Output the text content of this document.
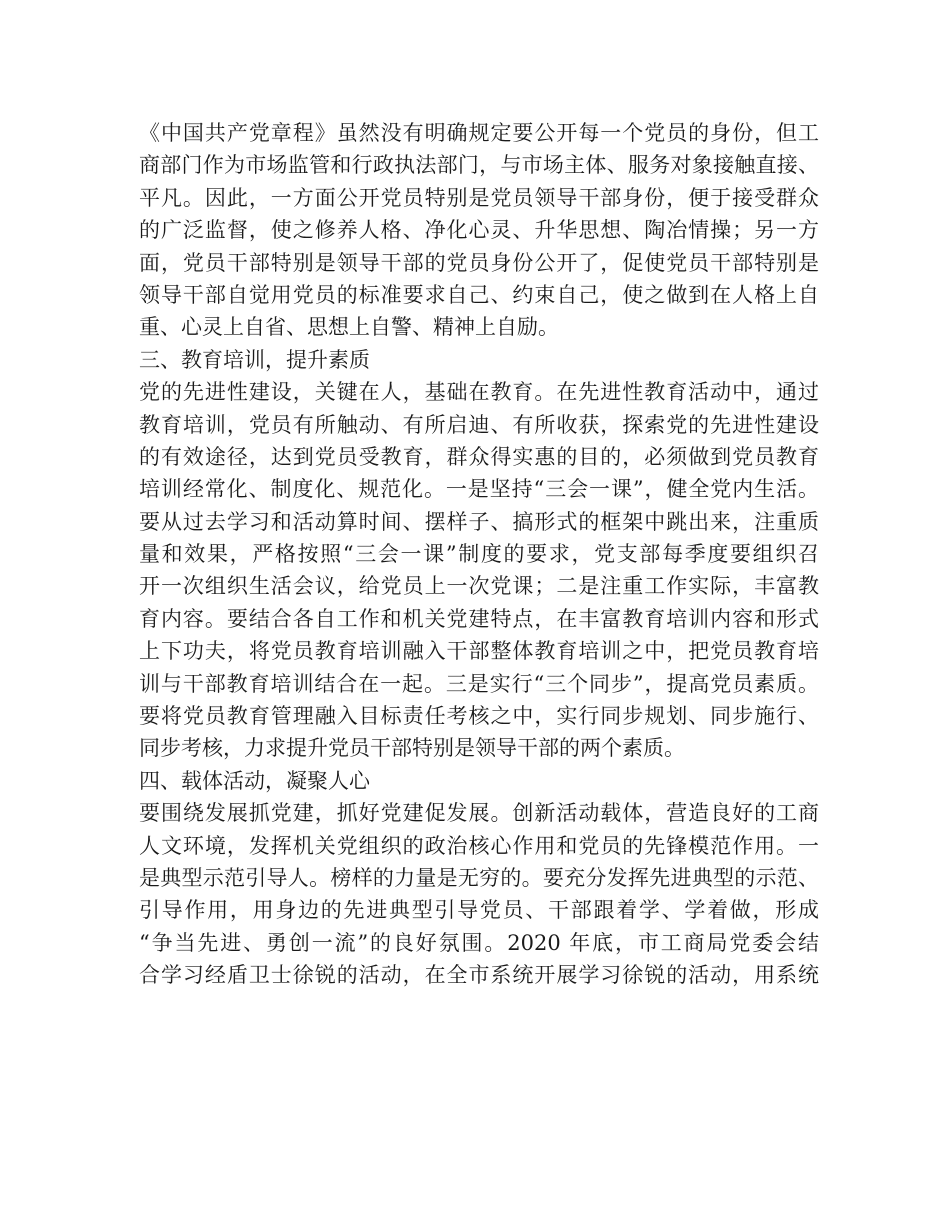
《中国共产党章程》虽然没有明确规定要公开每一个党员的身份，但工
商部门作为市场监管和行政执法部门，与市场主体、服务对象接触直接、
平凡。因此，一方面公开党员特别是党员领导干部身份，便于接受群众
的广泛监督，使之修养人格、净化心灵、升华思想、陶冶情操；另一方
面，党员干部特别是领导干部的党员身份公开了，促使党员干部特别是
领导干部自觉用党员的标准要求自己、约束自己，使之做到在人格上自
重、心灵上自省、思想上自警、精神上自励。
三、教育培训，提升素质
党的先进性建设，关键在人，基础在教育。在先进性教育活动中，通过
教育培训，党员有所触动、有所启迪、有所收获，探索党的先进性建设
的有效途径，达到党员受教育，群众得实惠的目的，必须做到党员教育
培训经常化、制度化、规范化。一是坚持“三会一课”，健全党内生活。
要从过去学习和活动算时间、摆样子、搞形式的框架中跳出来，注重质
量和效果，严格按照“三会一课”制度的要求，党支部每季度要组织召
开一次组织生活会议，给党员上一次党课；二是注重工作实际，丰富教
育内容。要结合各自工作和机关党建特点，在丰富教育培训内容和形式
上下功夫，将党员教育培训融入干部整体教育培训之中，把党员教育培
训与干部教育培训结合在一起。三是实行“三个同步”，提高党员素质。
要将党员教育管理融入目标责任考核之中，实行同步规划、同步施行、
同步考核，力求提升党员干部特别是领导干部的两个素质。
四、载体活动，凝聚人心
要围绕发展抓党建，抓好党建促发展。创新活动载体，营造良好的工商
人文环境，发挥机关党组织的政治核心作用和党员的先锋模范作用。一
是典型示范引导人。榜样的力量是无穷的。要充分发挥先进典型的示范、
引导作用，用身边的先进典型引导党员、干部跟着学、学着做，形成
“争当先进、勇创一流”的良好氛围。2020 年底，市工商局党委会结
合学习经盾卫士徐锐的活动，在全市系统开展学习徐锐的活动，用系统
